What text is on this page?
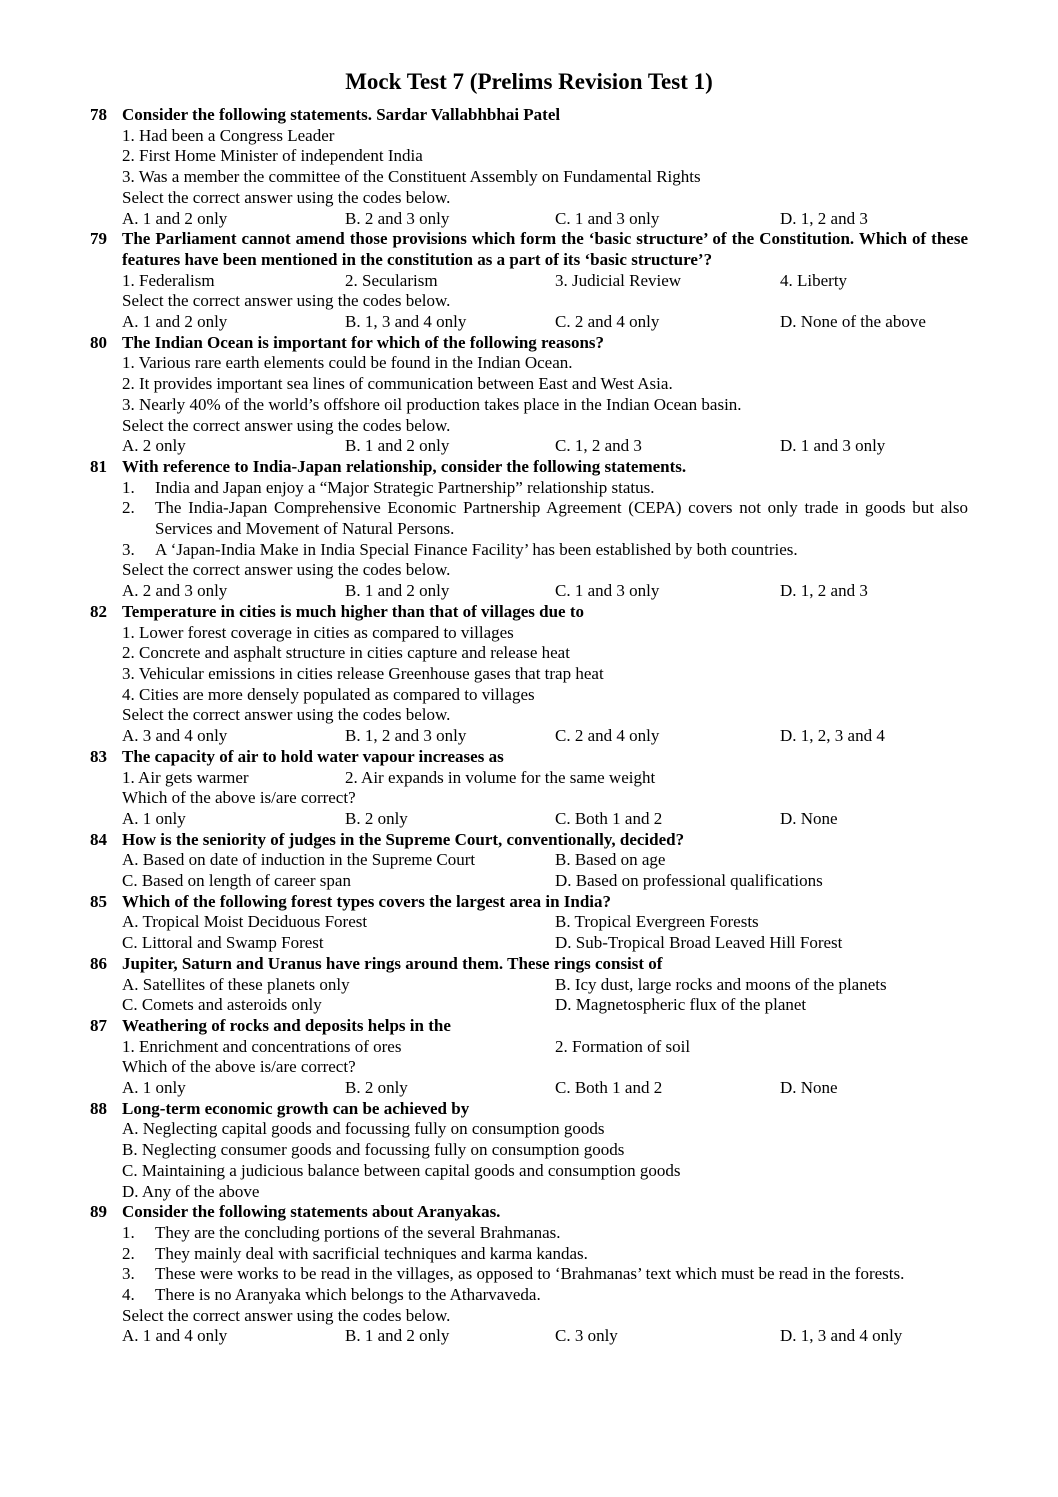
Mock Test 7 (Prelims Revision Test 1)
78 Consider the following statements. Sardar Vallabhbhai Patel
1. Had been a Congress Leader
2. First Home Minister of independent India
3. Was a member the committee of the Constituent Assembly on Fundamental Rights
Select the correct answer using the codes below.
A. 1 and 2 only	B. 2 and 3 only	C. 1 and 3 only	D. 1, 2 and 3
79 The Parliament cannot amend those provisions which form the ‘basic structure’ of the Constitution. Which of these features have been mentioned in the constitution as a part of its ‘basic structure’?
1. Federalism	2. Secularism	3. Judicial Review	4. Liberty
Select the correct answer using the codes below.
A. 1 and 2 only	B. 1, 3 and 4 only	C. 2 and 4 only	D. None of the above
80 The Indian Ocean is important for which of the following reasons?
1. Various rare earth elements could be found in the Indian Ocean.
2. It provides important sea lines of communication between East and West Asia.
3. Nearly 40% of the world’s offshore oil production takes place in the Indian Ocean basin.
Select the correct answer using the codes below.
A. 2 only	B. 1 and 2 only	C. 1, 2 and 3	D. 1 and 3 only
81 With reference to India-Japan relationship, consider the following statements.
1.	India and Japan enjoy a “Major Strategic Partnership” relationship status.
2.	The India-Japan Comprehensive Economic Partnership Agreement (CEPA) covers not only trade in goods but also Services and Movement of Natural Persons.
3.	A ‘Japan-India Make in India Special Finance Facility’ has been established by both countries.
Select the correct answer using the codes below.
A. 2 and 3 only	B. 1 and 2 only	C. 1 and 3 only	D. 1, 2 and 3
82 Temperature in cities is much higher than that of villages due to
1. Lower forest coverage in cities as compared to villages
2. Concrete and asphalt structure in cities capture and release heat
3. Vehicular emissions in cities release Greenhouse gases that trap heat
4. Cities are more densely populated as compared to villages
Select the correct answer using the codes below.
A. 3 and 4 only	B. 1, 2 and 3 only	C. 2 and 4 only	D. 1, 2, 3 and 4
83 The capacity of air to hold water vapour increases as
1. Air gets warmer	2. Air expands in volume for the same weight
Which of the above is/are correct?
A. 1 only	B. 2 only	C. Both 1 and 2	D. None
84 How is the seniority of judges in the Supreme Court, conventionally, decided?
A. Based on date of induction in the Supreme Court	B. Based on age
C. Based on length of career span	D. Based on professional qualifications
85 Which of the following forest types covers the largest area in India?
A. Tropical Moist Deciduous Forest	B. Tropical Evergreen Forests
C. Littoral and Swamp Forest	D. Sub-Tropical Broad Leaved Hill Forest
86 Jupiter, Saturn and Uranus have rings around them. These rings consist of
A. Satellites of these planets only	B. Icy dust, large rocks and moons of the planets
C. Comets and asteroids only	D. Magnetospheric flux of the planet
87 Weathering of rocks and deposits helps in the
1. Enrichment and concentrations of ores	2. Formation of soil
Which of the above is/are correct?
A. 1 only	B. 2 only	C. Both 1 and 2	D. None
88 Long-term economic growth can be achieved by
A. Neglecting capital goods and focussing fully on consumption goods
B. Neglecting consumer goods and focussing fully on consumption goods
C. Maintaining a judicious balance between capital goods and consumption goods
D. Any of the above
89 Consider the following statements about Aranyakas.
1.	They are the concluding portions of the several Brahmanas.
2.	They mainly deal with sacrificial techniques and karma kandas.
3.	These were works to be read in the villages, as opposed to ‘Brahmanas’ text which must be read in the forests.
4.	There is no Aranyaka which belongs to the Atharvaveda.
Select the correct answer using the codes below.
A. 1 and 4 only	B. 1 and 2 only	C. 3 only	D. 1, 3 and 4 only
